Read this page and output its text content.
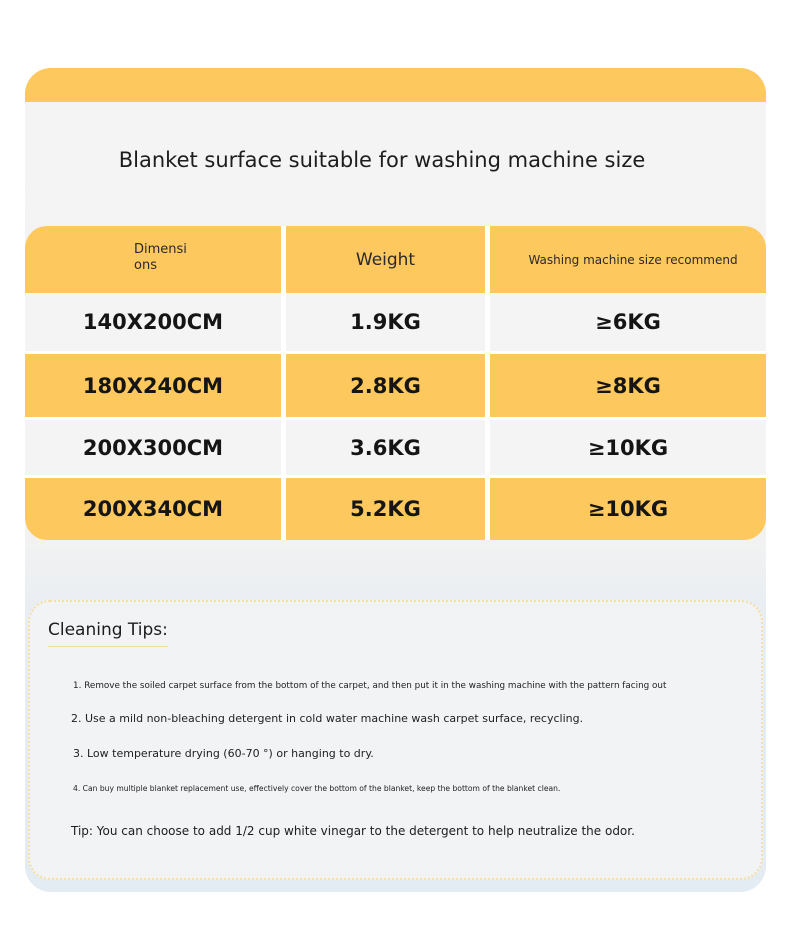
Blanket surface suitable for washing machine size
Dimensi
ons	Weight	Washing machine size recommend
140X200CM	1.9KG	≥6KG
180X240CM	2.8KG	≥8KG
200X300CM	3.6KG	≥10KG
200X340CM	5.2KG	≥10KG
Cleaning Tips:
1. Remove the soiled carpet surface from the bottom of the carpet, and then put it in the washing machine with the pattern facing out
2. Use a mild non-bleaching detergent in cold water machine wash carpet surface, recycling.
3. Low temperature drying (60-70 °) or hanging to dry.
4. Can buy multiple blanket replacement use, effectively cover the bottom of the blanket, keep the bottom of the blanket clean.
Tip: You can choose to add 1/2 cup white vinegar to the detergent to help neutralize the odor.
